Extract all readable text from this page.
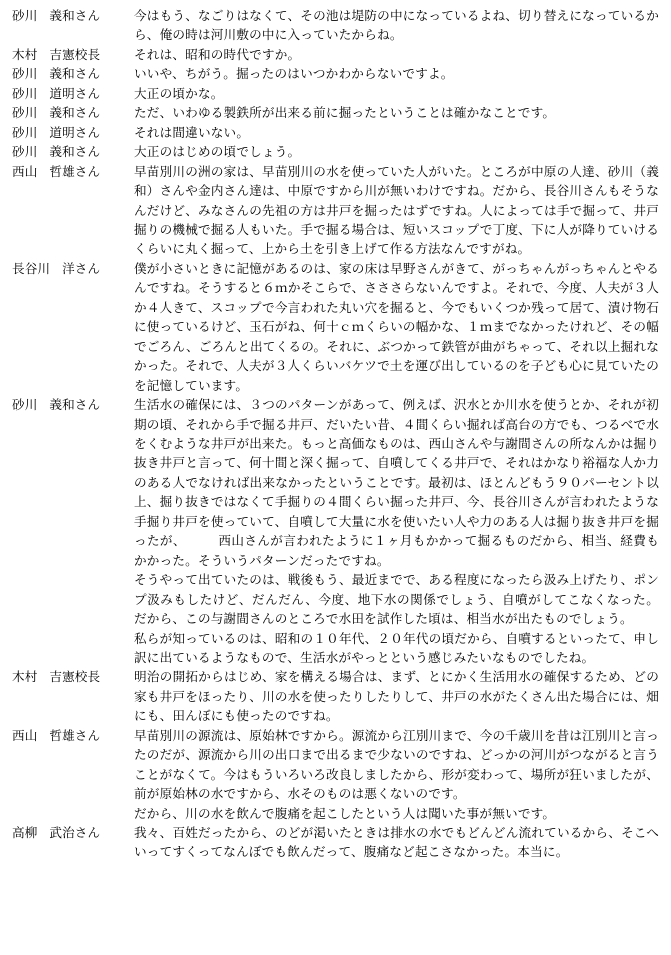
砂川 義和さん	今はもう、なごりはなくて、その池は堤防の中になっているよね、切り替えになっているから、俺の時は河川敷の中に入っていたからね。
木村 吉憲校長	それは、昭和の時代ですか。
砂川 義和さん	いいや、ちがう。掘ったのはいつかわからないですよ。
砂川 道明さん	大正の頃かな。
砂川 義和さん	ただ、いわゆる製鉄所が出来る前に掘ったということは確かなことです。
砂川 道明さん	それは間違いない。
砂川 義和さん	大正のはじめの頃でしょう。
西山 哲雄さん	早苗別川の洲の家は、早苗別川の水を使っていた人がいた。ところが中原の人達、砂川（義和）さんや金内さん達は、中原ですから川が無いわけですね。だから、長谷川さんもそうなんだけど、みなさんの先祖の方は井戸を掘ったはずですね。人によっては手で掘って、井戸掘りの機械で掘る人もいた。手で掘る場合は、短いスコップで丁度、下に人が降りていけるくらいに丸く掘って、上から土を引き上げて作る方法なんですがね。
長谷川 洋さん	僕が小さいときに記憶があるのは、家の床は早野さんがきて、がっちゃんがっちゃんとやるんですね。そうすると６ｍかそこらで、さささらないんですよ。それで、今度、人夫が３人か４人きて、スコップで今言われた丸い穴を掘ると、今でもいくつか残って居て、漬け物石に使っているけど、玉石がね、何十ｃｍくらいの幅かな、１ｍまでなかったけれど、その幅でごろん、ごろんと出てくるの。それに、ぶつかって鉄管が曲がちゃって、それ以上掘れなかった。それで、人夫が３人くらいバケツで土を運び出しているのを子ども心に見ていたのを記憶しています。
砂川 義和さん	生活水の確保には、３つのパターンがあって、例えば、沢水とか川水を使うとか、それが初期の頃、それから手で掘る井戸、だいたい昔、４間くらい掘れば高台の方でも、つるべで水をくむような井戸が出来た。もっと高価なものは、西山さんや与謝間さんの所なんかは掘り抜き井戸と言って、何十間と深く掘って、自噴してくる井戸で、それはかなり裕福な人か力のある人でなければ出来なかったということです。最初は、ほとんどもう９０パーセント以上、掘り抜きではなくて手掘りの４間くらい掘った井戸、今、長谷川さんが言われたような手掘り井戸を使っていて、自噴して大量に水を使いたい人や力のある人は掘り抜き井戸を掘ったが、　　　西山さんが言われたように１ヶ月もかかって掘るものだから、相当、経費もかかった。そういうパターンだったですね。
そうやって出ていたのは、戦後もう、最近までで、ある程度になったら汲み上げたり、ポンプ汲みもしたけど、だんだん、今度、地下水の関係でしょう、自噴がしてこなくなった。だから、この与謝間さんのところで水田を試作した頃は、相当水が出たものでしょう。
私らが知っているのは、昭和の１０年代、２０年代の頃だから、自噴するといったて、申し訳に出ているようなもので、生活水がやっとという感じみたいなものでしたね。
木村 吉憲校長	明治の開拓からはじめ、家を構える場合は、まず、とにかく生活用水の確保するため、どの家も井戸をほったり、川の水を使ったりしたりして、井戸の水がたくさん出た場合には、畑にも、田んぼにも使ったのですね。
西山 哲雄さん	早苗別川の源流は、原始林ですから。源流から江別川まで、今の千歳川を昔は江別川と言ったのだが、源流から川の出口まで出るまで少ないのですね、どっかの河川がつながると言うことがなくて。今はもういろいろ改良しましたから、形が変わって、場所が狂いましたが、前が原始林の水ですから、水そのものは悪くないのです。
だから、川の水を飲んで腹痛を起こしたという人は聞いた事が無いです。
高柳 武治さん	我々、百姓だったから、のどが渇いたときは排水の水でもどんどん流れているから、そこへいってすくってなんぼでも飲んだって、腹痛など起こさなかった。本当に。
